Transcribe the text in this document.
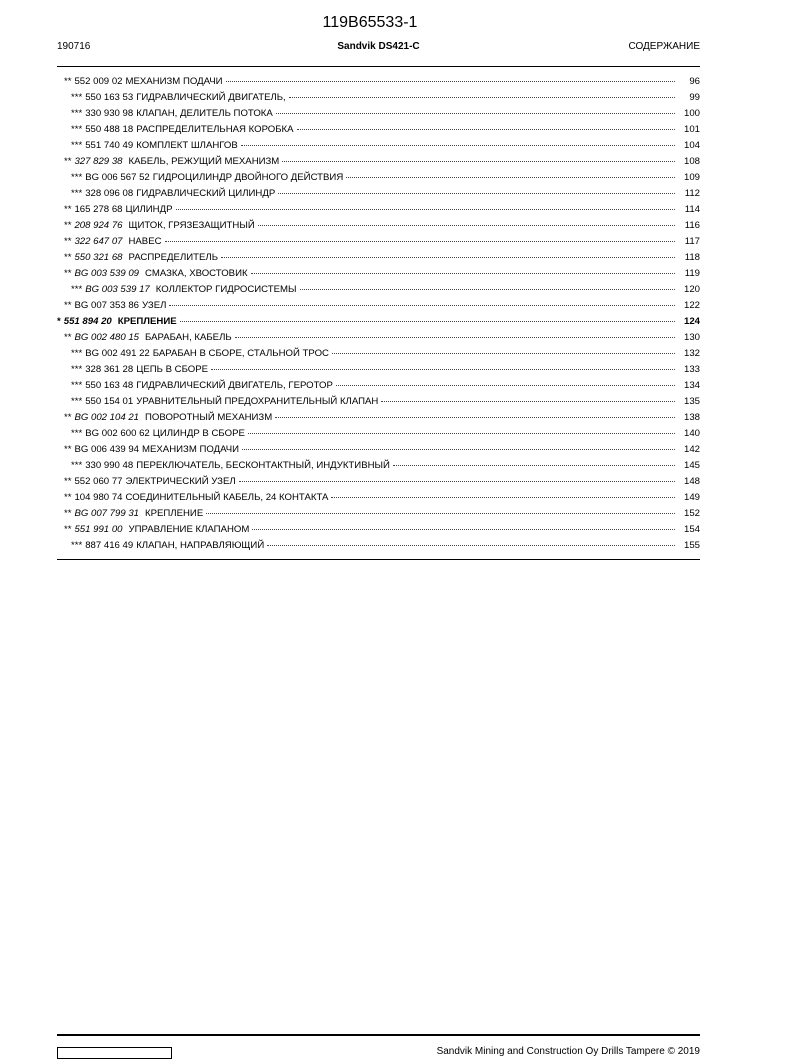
119B65533-1
190716	Sandvik DS421-C	СОДЕРЖАНИЕ
** 552 009 02 МЕХАНИЗМ ПОДАЧИ	96
*** 550 163 53 ГИДРАВЛИЧЕСКИЙ ДВИГАТЕЛЬ,	99
*** 330 930 98 КЛАПАН, ДЕЛИТЕЛЬ ПОТОКА	100
*** 550 488 18 РАСПРЕДЕЛИТЕЛЬНАЯ КОРОБКА	101
*** 551 740 49 КОМПЛЕКТ ШЛАНГОВ	104
** 327 829 38 КАБЕЛЬ, РЕЖУЩИЙ МЕХАНИЗМ	108
*** BG 006 567 52 ГИДРОЦИЛИНДР ДВОЙНОГО ДЕЙСТВИЯ	109
*** 328 096 08 ГИДРАВЛИЧЕСКИЙ ЦИЛИНДР	112
** 165 278 68 ЦИЛИНДР	114
** 208 924 76 ЩИТОК, ГРЯЗЕЗАЩИТНЫЙ	116
** 322 647 07 НАВЕС	117
** 550 321 68 РАСПРЕДЕЛИТЕЛЬ	118
** BG 003 539 09 СМАЗКА, ХВОСТОВИК	119
*** BG 003 539 17 КОЛЛЕКТОР ГИДРОСИСТЕМЫ	120
** BG 007 353 86 УЗЕЛ	122
* 551 894 20 КРЕПЛЕНИЕ	124
** BG 002 480 15 БАРАБАН, КАБЕЛЬ	130
*** BG 002 491 22 БАРАБАН В СБОРЕ, СТАЛЬНОЙ ТРОС	132
*** 328 361 28 ЦЕПЬ В СБОРЕ	133
*** 550 163 48 ГИДРАВЛИЧЕСКИЙ ДВИГАТЕЛЬ, ГЕРОТОР	134
*** 550 154 01 УРАВНИТЕЛЬНЫЙ ПРЕДОХРАНИТЕЛЬНЫЙ КЛАПАН	135
** BG 002 104 21 ПОВОРОТНЫЙ МЕХАНИЗМ	138
*** BG 002 600 62 ЦИЛИНДР В СБОРЕ	140
** BG 006 439 94 МЕХАНИЗМ ПОДАЧИ	142
*** 330 990 48 ПЕРЕКЛЮЧАТЕЛЬ, БЕСКОНТАКТНЫЙ, ИНДУКТИВНЫЙ	145
** 552 060 77 ЭЛЕКТРИЧЕСКИЙ УЗЕЛ	148
** 104 980 74 СОЕДИНИТЕЛЬНЫЙ КАБЕЛЬ, 24 КОНТАКТА	149
** BG 007 799 31 КРЕПЛЕНИЕ	152
** 551 991 00 УПРАВЛЕНИЕ КЛАПАНОМ	154
*** 887 416 49 КЛАПАН, НАПРАВЛЯЮЩИЙ	155
Sandvik Mining and Construction Oy Drills Tampere © 2019
